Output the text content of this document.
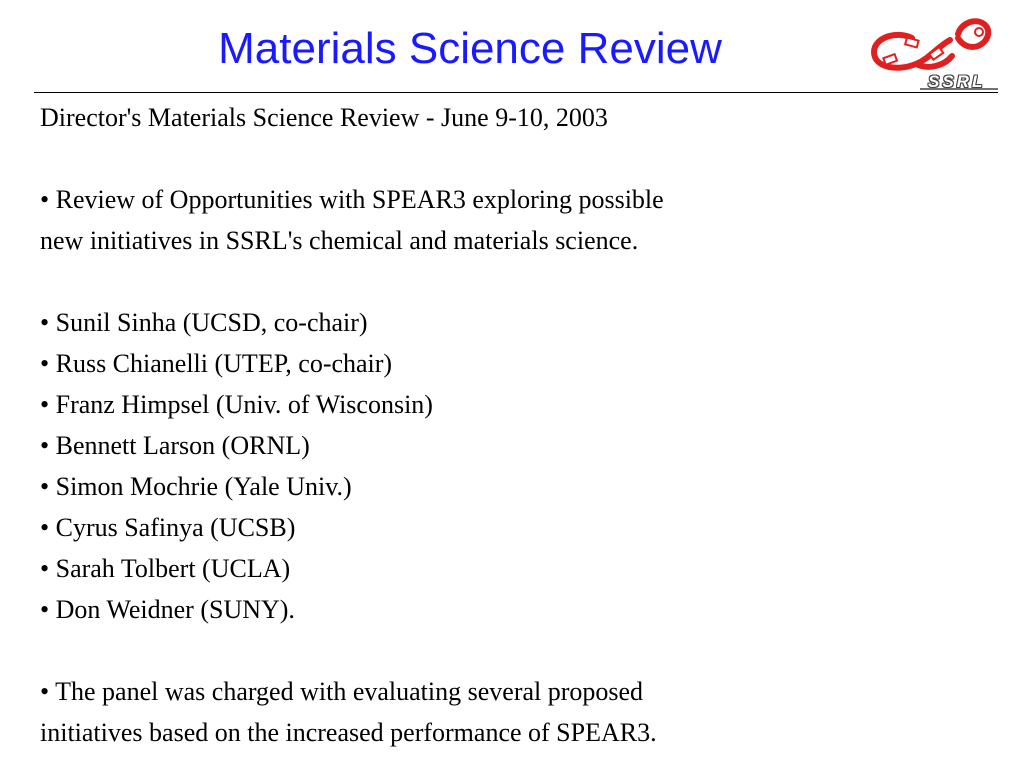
Materials Science Review
SSRL
Director's Materials Science Review - June 9-10, 2003
• Review of Opportunities with SPEAR3 exploring possible
new initiatives in SSRL's chemical and materials science.
• Sunil Sinha (UCSD, co-chair)
• Russ Chianelli (UTEP, co-chair)
• Franz Himpsel (Univ. of Wisconsin)
• Bennett Larson (ORNL)
• Simon Mochrie (Yale Univ.)
• Cyrus Safinya (UCSB)
• Sarah Tolbert (UCLA)
• Don Weidner (SUNY).
• The panel was charged with evaluating several proposed
initiatives based on the increased performance of SPEAR3.
